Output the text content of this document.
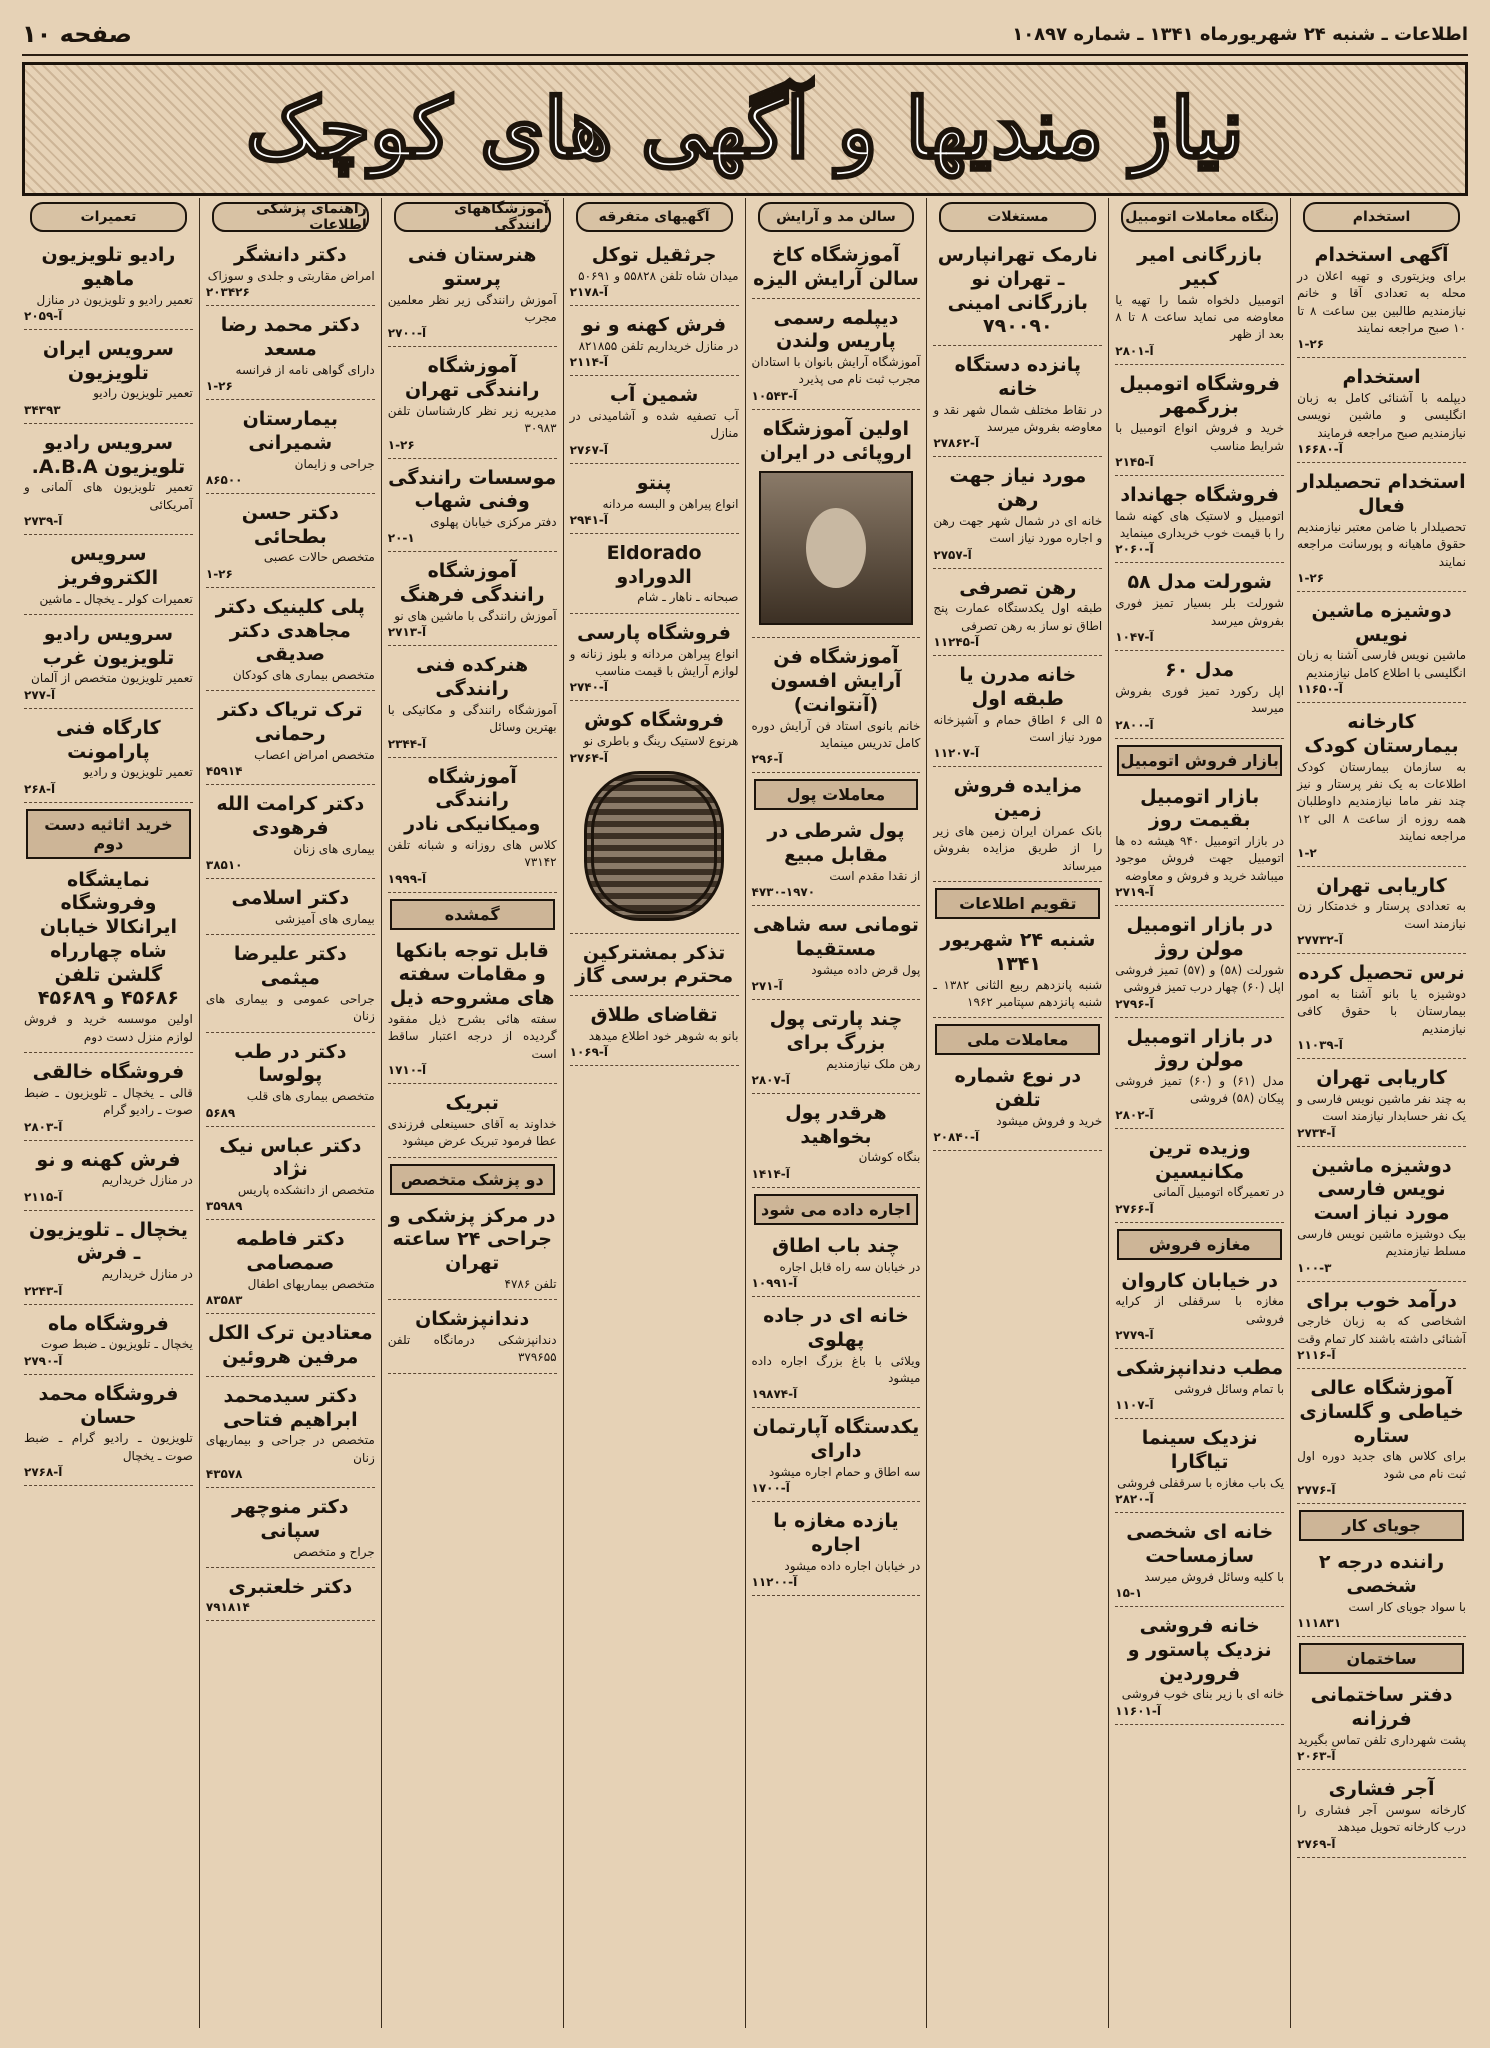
اطلاعات ـ شنبه ۲۴ شهریورماه ۱۳۴۱ ـ شماره ۱۰۸۹۷
صفحه ۱۰
نیاز مندیها و آگهی های کوچک
استخدام
آگهی استخدام
برای ویزیتوری و تهیه اعلان در محله به تعدادی آقا و خانم نیازمندیم طالبین بین ساعت ۸ تا ۱۰ صبح مراجعه نمایند
۱-۲۶
استخدام
دیپلمه با آشنائی کامل به زبان انگلیسی و ماشین نویسی نیازمندیم صبح مراجعه فرمایند
۱۶۶۸۰-آ
استخدام تحصیلدار فعال
تحصیلدار با ضامن معتبر نیازمندیم حقوق ماهیانه و پورسانت مراجعه نمایند
۱-۲۶
دوشیزه ماشین نویس
ماشین نویس فارسی آشنا به زبان انگلیسی با اطلاع کامل نیازمندیم
۱۱۶۵۰-آ
کارخانه بیمارستان کودک
به سازمان بیمارستان کودک اطلاعات به یک نفر پرستار و نیز چند نفر ماما نیازمندیم داوطلبان همه روزه از ساعت ۸ الی ۱۲ مراجعه نمایند
۱-۲
کاریابی تهران
به تعدادی پرستار و خدمتکار زن نیازمند است
۲۷۷۳۲-آ
نرس تحصیل کرده
دوشیزه یا بانو آشنا به امور بیمارستان با حقوق کافی نیازمندیم
۱۱۰۳۹-آ
کاریابی تهران
به چند نفر ماشین نویس فارسی و یک نفر حسابدار نیازمند است
۲۷۳۴-آ
دوشیزه ماشین نویس فارسی مورد نیاز است
بیک دوشیزه ماشین نویس فارسی مسلط نیازمندیم
۱۰۰-۳
درآمد خوب برای
اشخاصی که به زبان خارجی آشنائی داشته باشند کار تمام وقت
۲۱۱۶-آ
آموزشگاه عالی خیاطی و گلسازی ستاره
برای کلاس های جدید دوره اول ثبت نام می شود
۲۷۷۶-آ
جویای کار
راننده درجه ۲ شخصی
با سواد جویای کار است
۱۱۱۸۳۱
ساختمان
دفتر ساختمانی فرزانه
پشت شهرداری تلفن تماس بگیرید
۲۰۶۳-آ
آجر فشاری
کارخانه سوسن آجر فشاری را درب کارخانه تحویل میدهد
۲۷۶۹-آ
بنگاه معاملات اتومبیل
بازرگانی امیر کبیر
اتومبیل دلخواه شما را تهیه یا معاوضه می نماید ساعت ۸ تا ۸ بعد از ظهر
۲۸۰۱-آ
فروشگاه اتومبیل بزرگمهر
خرید و فروش انواع اتومبیل با شرایط مناسب
۲۱۴۵-آ
فروشگاه جهانداد
اتومبیل و لاستیک های کهنه شما را با قیمت خوب خریداری مینماید
۲۰۶۰-آ
شورلت مدل ۵۸
شورلت بلر بسیار تمیز فوری بفروش میرسد
۱۰۴۷-آ
مدل ۶۰
اپل رکورد تمیز فوری بفروش میرسد
۲۸۰۰-آ
بازار فروش اتومبیل
بازار اتومبیل بقیمت روز
در بازار اتومبیل ۹۴۰ هیشه ده ها اتومبیل جهت فروش موجود میباشد خرید و فروش و معاوضه
۲۷۱۹-آ
در بازار اتومبیل مولن روژ
شورلت (۵۸) و (۵۷) تمیز فروشی اپل (۶۰) چهار درب تمیز فروشی
۲۷۹۶-آ
در بازار اتومبیل مولن روژ
مدل (۶۱) و (۶۰) تمیز فروشی پیکان (۵۸) فروشی
۲۸۰۲-آ
وزیده ترین مکانیسین
در تعمیرگاه اتومبیل آلمانی
۲۷۶۶-آ
مغازه فروش
در خیابان کاروان
مغازه با سرقفلی از کرایه فروشی
۲۷۷۹-آ
مطب دندانپزشکی
با تمام وسائل فروشی
۱۱۰۷-آ
نزدیک سینما تیاگارا
یک باب مغازه با سرقفلی فروشی
۲۸۲۰-آ
خانه ای شخصی سازمساحت
با کلیه وسائل فروش میرسد
۱۵-۱
خانه فروشی نزدیک پاستور و فروردین
خانه ای با زیر بنای خوب فروشی
۱۱۶۰۱-آ
مستغلات
نارمک تهرانپارس ـ تهران نو بازرگانی امینی ۷۹۰۰۹۰
پانزده دستگاه خانه
در نقاط مختلف شمال شهر نقد و معاوضه بفروش میرسد
۲۷۸۶۲-آ
مورد نیاز جهت رهن
خانه ای در شمال شهر جهت رهن و اجاره مورد نیاز است
۲۷۵۷-آ
رهن تصرفی
طبقه اول یکدستگاه عمارت پنج اطاق نو ساز به رهن تصرفی
۱۱۲۴۵-آ
خانه مدرن یا طبقه اول
۵ الی ۶ اطاق حمام و آشپزخانه مورد نیاز است
۱۱۲۰۷-آ
مزایده فروش زمین
بانک عمران ایران زمین های زیر را از طریق مزایده بفروش میرساند
تقویم اطلاعات
شنبه ۲۴ شهریور ۱۳۴۱
شنبه پانزدهم ربیع الثانی ۱۳۸۲ ـ شنبه پانزدهم سپتامبر ۱۹۶۲
معاملات ملی
در نوع شماره تلفن
خرید و فروش میشود
۲۰۸۴۰-آ
سالن مد و آرایش
آموزشگاه کاخ سالن آرایش الیزه
دیپلمه رسمی پاریس ولندن
آموزشگاه آرایش بانوان با استادان مجرب ثبت نام می پذیرد
۱۰۵۴۳-آ
اولین آموزشگاه اروپائی در ایران
آموزشگاه فن آرایش افسون (آنتوانت)
خانم بانوی استاد فن آرایش دوره کامل تدریس مینماید
۲۹۶-آ
معاملات پول
پول شرطی در مقابل مبیع
از نقدا مقدم است
۴۷۳۰-۱۹۷۰
تومانی سه شاهی مستقیما
پول قرض داده میشود
۲۷۱-آ
چند پارتی پول بزرگ برای
رهن ملک نیازمندیم
۲۸۰۷-آ
هرقدر پول بخواهید
بنگاه کوشان
۱۴۱۴-آ
اجاره داده می شود
چند باب اطاق
در خیابان سه راه قابل اجاره
۱۰۹۹۱-آ
خانه ای در جاده پهلوی
ویلائی با باغ بزرگ اجاره داده میشود
۱۹۸۷۴-آ
یکدستگاه آپارتمان دارای
سه اطاق و حمام اجاره میشود
۱۷۰۰-آ
یازده مغازه با اجاره
در خیابان اجاره داده میشود
۱۱۲۰۰-آ
آگهیهای متفرقه
جرثقیل توکل
میدان شاه تلفن ۵۵۸۲۸ و ۵۰۶۹۱
۲۱۷۸-آ
فرش کهنه و نو
در منازل خریداریم تلفن ۸۲۱۸۵۵
۲۱۱۴-آ
شمین آب
آب تصفیه شده و آشامیدنی در منازل
۲۷۶۷-آ
پنتو
انواع پیراهن و البسه مردانه
۲۹۴۱-آ
Eldorado الدورادو
صبحانه ـ ناهار ـ شام
فروشگاه پارسی
انواع پیراهن مردانه و بلوز زنانه و لوازم آرایش با قیمت مناسب
۲۷۴۰-آ
فروشگاه کوش
هرنوع لاستیک رینگ و باطری نو
۲۷۶۴-آ
تذکر بمشترکین محترم برسی گاز
تقاضای طلاق
بانو به شوهر خود اطلاع میدهد
۱۰۶۹-آ
آموزشگاههای رانندگی
هنرستان فنی پرستو
آموزش رانندگی زیر نظر معلمین مجرب
۲۷۰۰-آ
آموزشگاه رانندگی تهران
مدیریه زیر نظر کارشناسان تلفن ۳۰۹۸۳
۱-۲۶
موسسات رانندگی وفنی شهاب
دفتر مرکزی خیابان پهلوی
۲۰-۱
آموزشگاه رانندگی فرهنگ
آموزش رانندگی با ماشین های نو
۲۷۱۳-آ
هنرکده فنی رانندگی
آموزشگاه رانندگی و مکانیکی با بهترین وسائل
۲۳۴۴-آ
آموزشگاه رانندگی ومیکانیکی نادر
کلاس های روزانه و شبانه تلفن ۷۳۱۴۲
۱۹۹۹-آ
گمشده
قابل توجه بانکها و مقامات سفته های مشروحه ذیل
سفته هائی بشرح ذیل مفقود گردیده از درجه اعتبار ساقط است
۱۷۱۰-آ
تبریک
خداوند به آقای حسینعلی فرزندی عطا فرمود تبریک عرض میشود
دو پزشک متخصص
در مرکز پزشکی و جراحی ۲۴ ساعته تهران
تلفن ۴۷۸۶
دندانپزشکان
دندانپزشکی درمانگاه تلفن ۳۷۹۶۵۵
راهنمای پزشکی اطلاعات
دکتر دانشگر
امراض مقاربتی و جلدی و سوزاک
۲۰۳۴۲۶
دکتر محمد رضا مسعد
دارای گواهی نامه از فرانسه
۱-۲۶
بیمارستان شمیرانی
جراحی و زایمان
۸۶۵۰۰
دکتر حسن بطحائی
متخصص حالات عصبی
۱-۲۶
پلی کلینیک دکتر مجاهدی دکتر صدیقی
متخصص بیماری های کودکان
ترک تریاک دکتر رحمانی
متخصص امراض اعصاب
۴۵۹۱۴
دکتر کرامت الله فرهودی
بیماری های زنان
۳۸۵۱۰
دکتر اسلامی
بیماری های آمیزشی
دکتر علیرضا میثمی
جراحی عمومی و بیماری های زنان
دکتر در طب پولوسا
متخصص بیماری های قلب
۵۶۸۹
دکتر عباس نیک نژاد
متخصص از دانشکده پاریس
۳۵۹۸۹
دکتر فاطمه صمصامی
متخصص بیماریهای اطفال
۸۳۵۸۳
معتادین ترک الکل مرفین هروئین
دکتر سیدمحمد ابراهیم فتاحی
متخصص در جراحی و بیماریهای زنان
۴۳۵۷۸
دکتر منوچهر سپانی
جراح و متخصص
دکتر خلعتبری
۷۹۱۸۱۴
تعمیرات
رادیو تلویزیون ماهیو
تعمیر رادیو و تلویزیون در منازل
۲۰۵۹-آ
سرویس ایران تلویزیون
تعمیر تلویزیون رادیو
۳۴۳۹۳
سرویس رادیو تلویزیون A.B.A.
تعمیر تلویزیون های آلمانی و آمریکائی
۲۷۳۹-آ
سرویس الکتروفریز
تعمیرات کولر ـ یخچال ـ ماشین
سرویس رادیو تلویزیون غرب
تعمیر تلویزیون متخصص از آلمان
۲۷۷-آ
کارگاه فنی پارامونت
تعمیر تلویزیون و رادیو
۲۶۸-آ
خرید اثاثیه دست دوم
نمایشگاه وفروشگاه ایرانکالا خیابان شاه چهارراه گلشن تلفن ۴۵۶۸۶ و ۴۵۶۸۹
اولین موسسه خرید و فروش لوازم منزل دست دوم
فروشگاه خالقی
قالی ـ یخچال ـ تلویزیون ـ ضبط صوت ـ رادیو گرام
۲۸۰۳-آ
فرش کهنه و نو
در منازل خریداریم
۲۱۱۵-آ
یخچال ـ تلویزیون ـ فرش
در منازل خریداریم
۲۲۴۳-آ
فروشگاه ماه
یخچال ـ تلویزیون ـ ضبط صوت
۲۷۹۰-آ
فروشگاه محمد حسان
تلویزیون ـ رادیو گرام ـ ضبط صوت ـ یخچال
۲۷۶۸-آ
